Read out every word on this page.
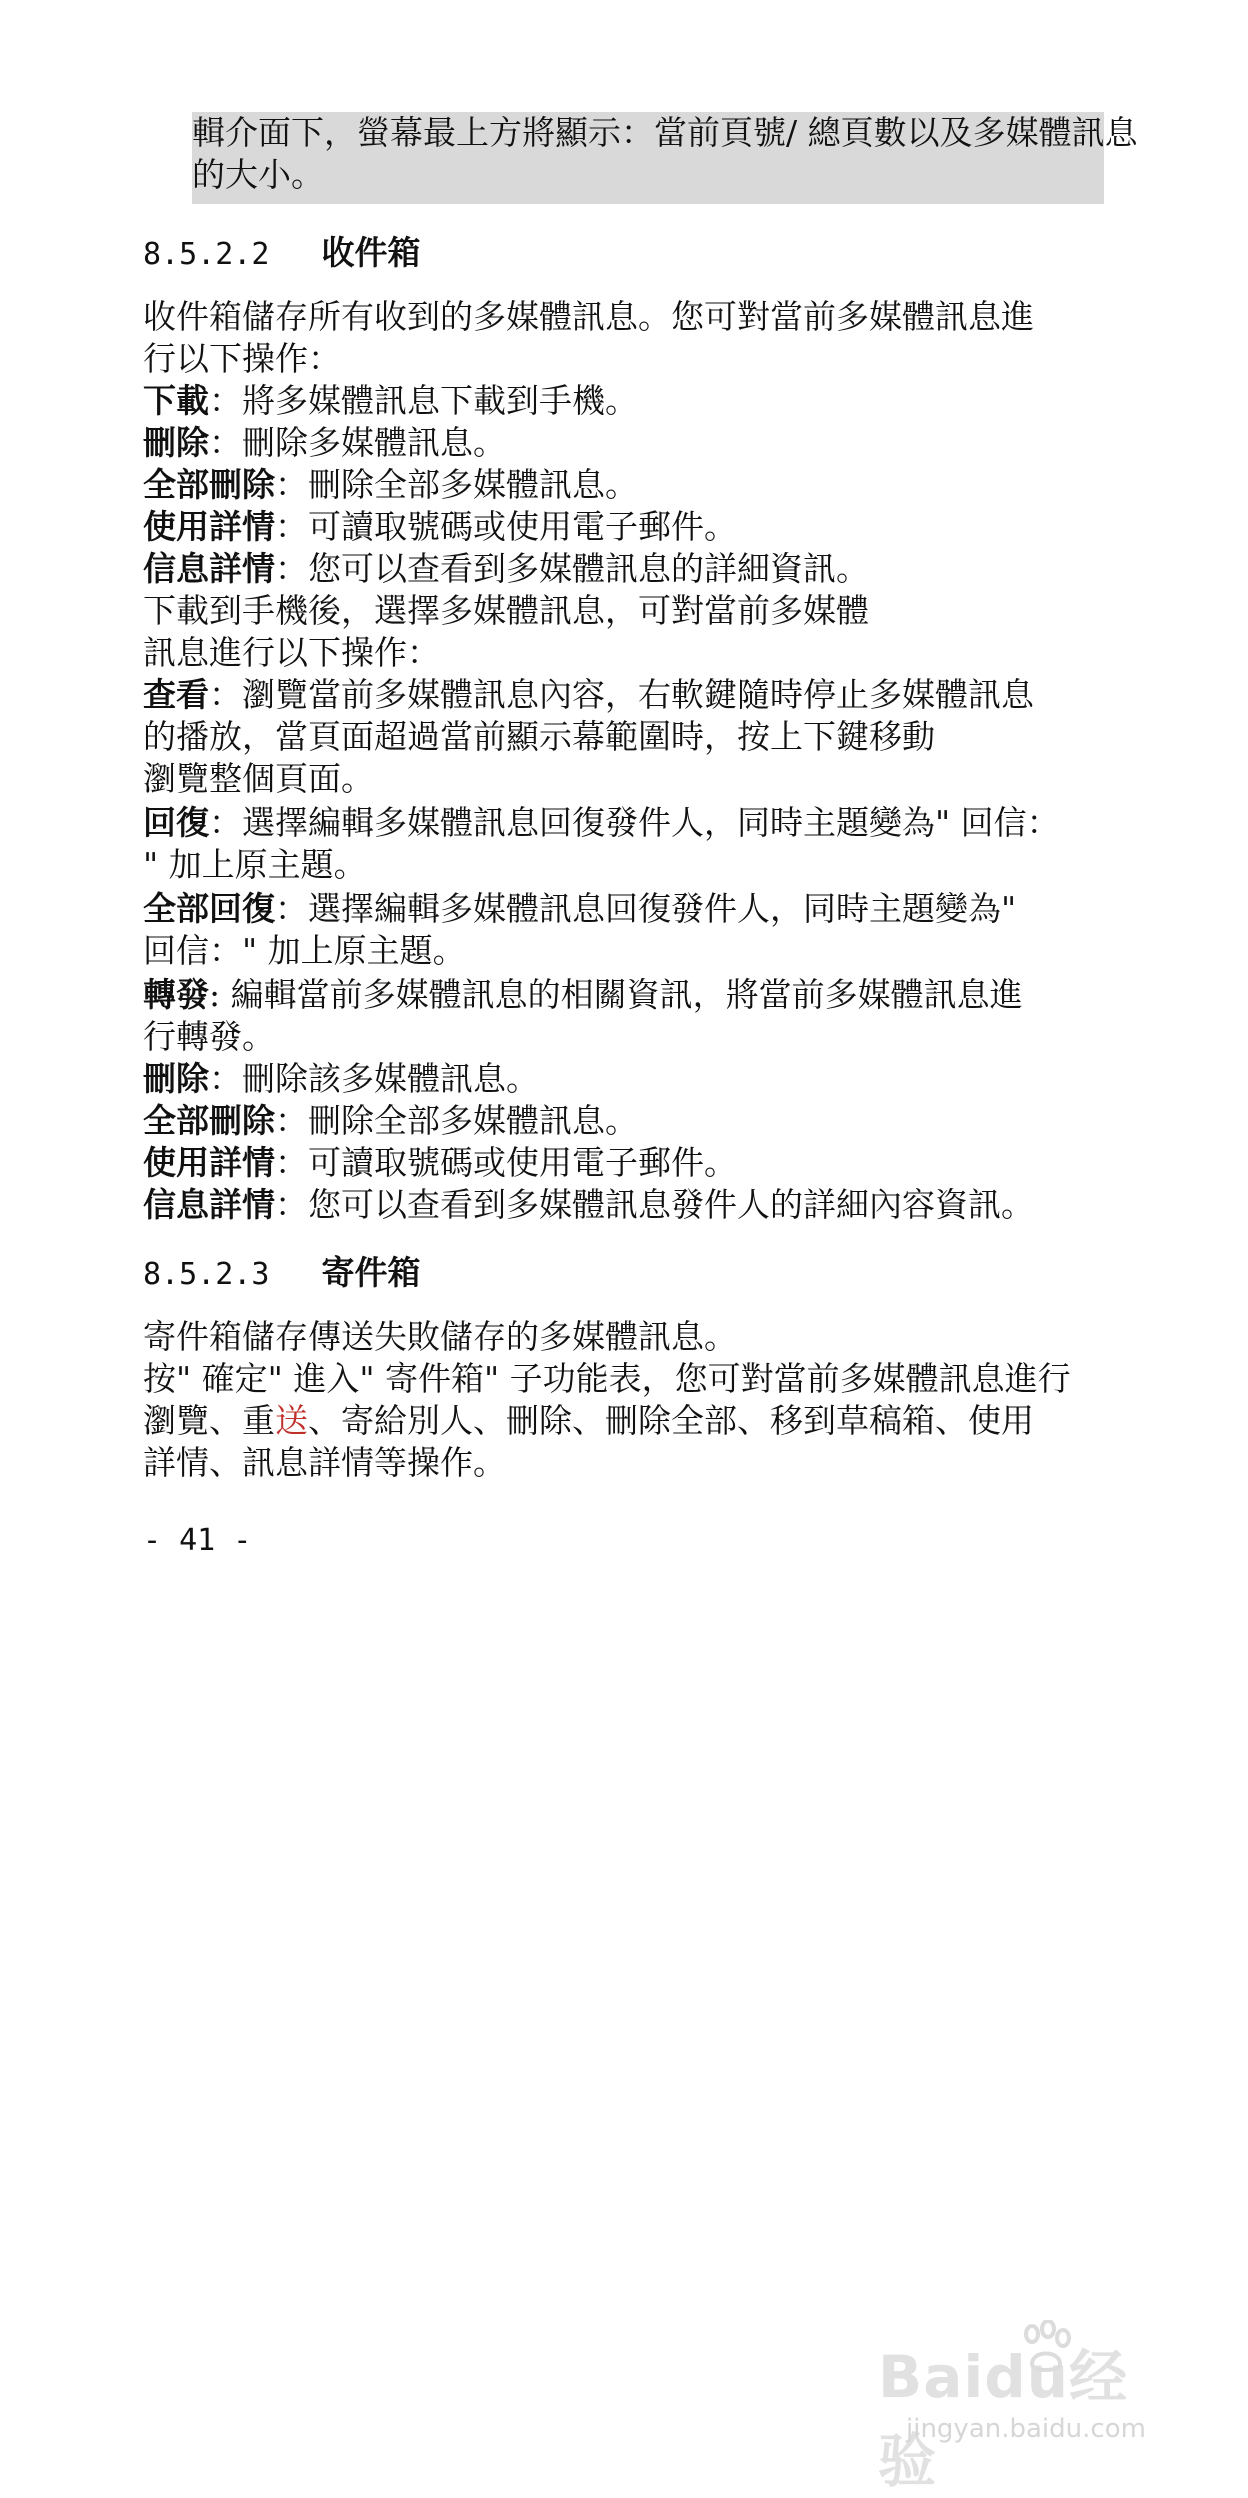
輯介面下，螢幕最上方將顯示：當前頁號/ 總頁數以及多媒體訊息
的大小。
8.5.2.2 收件箱
收件箱儲存所有收到的多媒體訊息。您可對當前多媒體訊息進
行以下操作：
下載：將多媒體訊息下載到手機。
刪除：刪除多媒體訊息。
全部刪除：刪除全部多媒體訊息。
使用詳情：可讀取號碼或使用電子郵件。
信息詳情：您可以查看到多媒體訊息的詳細資訊。
下載到手機後，選擇多媒體訊息，可對當前多媒體
訊息進行以下操作：
查看：瀏覽當前多媒體訊息內容，右軟鍵隨時停止多媒體訊息
的播放，當頁面超過當前顯示幕範圍時，按上下鍵移動
瀏覽整個頁面。
回復：選擇編輯多媒體訊息回復發件人，同時主題變為" 回信：
" 加上原主題。
全部回復：選擇編輯多媒體訊息回復發件人，同時主題變為"
回信：" 加上原主題。
轉發: 編輯當前多媒體訊息的相關資訊，將當前多媒體訊息進
行轉發。
刪除：刪除該多媒體訊息。
全部刪除：刪除全部多媒體訊息。
使用詳情：可讀取號碼或使用電子郵件。
信息詳情：您可以查看到多媒體訊息發件人的詳細內容資訊。
8.5.2.3 寄件箱
寄件箱儲存傳送失敗儲存的多媒體訊息。
按" 確定" 進入" 寄件箱" 子功能表，您可對當前多媒體訊息進行
瀏覽、重送、寄給別人、刪除、刪除全部、移到草稿箱、使用
詳情、訊息詳情等操作。
- 41 -
Baidu经验
jingyan.baidu.com
